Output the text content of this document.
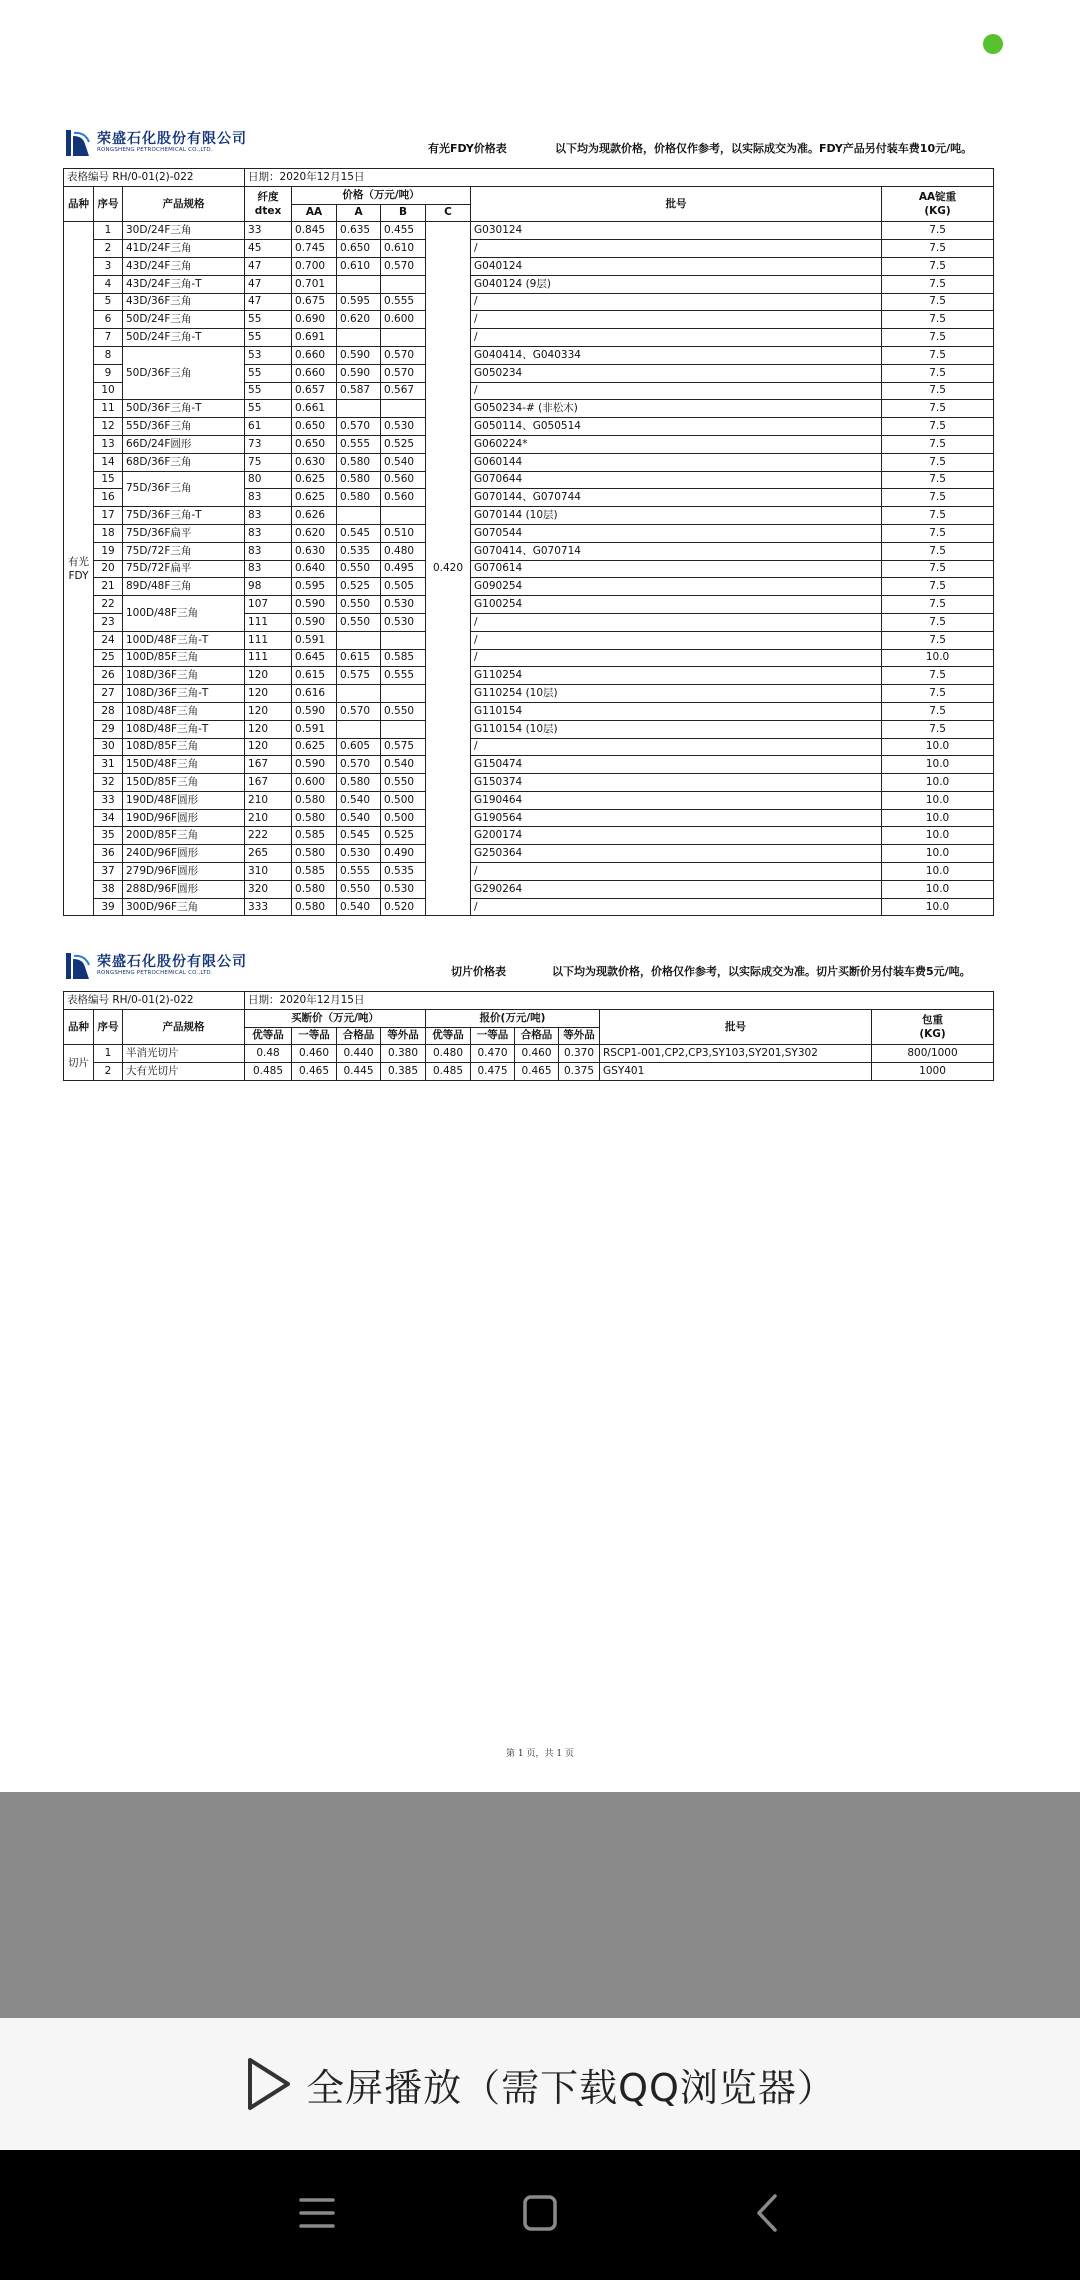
荣盛石化股份有限公司
RONGSHENG PETROCHEMICAL CO.,LTD.	有光FDY价格表	以下均为现款价格，价格仅作参考，以实际成交为准。FDY产品另付装车费10元/吨。
表格编号 RH/0-01(2)-022			日期：2020年12月15日						
品种	序号	产品规格	纤度
dtex	价格（万元/吨）				批号	AA锭重
(KG)
				AA	A	B	C		
有光
FDY	1	30D/24F三角	33	0.845	0.635	0.455	0.420	G030124	7.5
	2	41D/24F三角	45	0.745	0.650	0.610		/	7.5
	3	43D/24F三角	47	0.700	0.610	0.570		G040124	7.5
	4	43D/24F三角-T	47	0.701				G040124 (9层)	7.5
	5	43D/36F三角	47	0.675	0.595	0.555		/	7.5
	6	50D/24F三角	55	0.690	0.620	0.600		/	7.5
	7	50D/24F三角-T	55	0.691				/	7.5
	8	50D/36F三角	53	0.660	0.590	0.570		G040414、G040334	7.5
	9		55	0.660	0.590	0.570		G050234	7.5
	10		55	0.657	0.587	0.567		/	7.5
	11	50D/36F三角-T	55	0.661				G050234-# (非松木)	7.5
	12	55D/36F三角	61	0.650	0.570	0.530		G050114、G050514	7.5
	13	66D/24F圆形	73	0.650	0.555	0.525		G060224*	7.5
	14	68D/36F三角	75	0.630	0.580	0.540		G060144	7.5
	15	75D/36F三角	80	0.625	0.580	0.560		G070644	7.5
	16		83	0.625	0.580	0.560		G070144、G070744	7.5
	17	75D/36F三角-T	83	0.626				G070144 (10层)	7.5
	18	75D/36F扁平	83	0.620	0.545	0.510		G070544	7.5
	19	75D/72F三角	83	0.630	0.535	0.480		G070414、G070714	7.5
	20	75D/72F扁平	83	0.640	0.550	0.495		G070614	7.5
	21	89D/48F三角	98	0.595	0.525	0.505		G090254	7.5
	22	100D/48F三角	107	0.590	0.550	0.530		G100254	7.5
	23		111	0.590	0.550	0.530		/	7.5
	24	100D/48F三角-T	111	0.591				/	7.5
	25	100D/85F三角	111	0.645	0.615	0.585		/	10.0
	26	108D/36F三角	120	0.615	0.575	0.555		G110254	7.5
	27	108D/36F三角-T	120	0.616				G110254 (10层)	7.5
	28	108D/48F三角	120	0.590	0.570	0.550		G110154	7.5
	29	108D/48F三角-T	120	0.591				G110154 (10层)	7.5
	30	108D/85F三角	120	0.625	0.605	0.575		/	10.0
	31	150D/48F三角	167	0.590	0.570	0.540		G150474	10.0
	32	150D/85F三角	167	0.600	0.580	0.550		G150374	10.0
	33	190D/48F圆形	210	0.580	0.540	0.500		G190464	10.0
	34	190D/96F圆形	210	0.580	0.540	0.500		G190564	10.0
	35	200D/85F三角	222	0.585	0.545	0.525		G200174	10.0
	36	240D/96F圆形	265	0.580	0.530	0.490		G250364	10.0
	37	279D/96F圆形	310	0.585	0.555	0.535		/	10.0
	38	288D/96F圆形	320	0.580	0.550	0.530		G290264	10.0
	39	300D/96F三角	333	0.580	0.540	0.520		/	10.0
荣盛石化股份有限公司
RONGSHENG PETROCHEMICAL CO.,LTD.	切片价格表	以下均为现款价格，价格仅作参考，以实际成交为准。切片买断价另付装车费5元/吨。
表格编号 RH/0-01(2)-022			日期：2020年12月15日									
品种	序号	产品规格	买断价（万元/吨）				报价(万元/吨)				批号	包重
(KG)
			优等品	一等品	合格品	等外品	优等品	一等品	合格品	等外品		
切片	1	半消光切片	0.48	0.460	0.440	0.380	0.480	0.470	0.460	0.370	RSCP1-001,CP2,CP3,SY103,SY201,SY302	800/1000
	2	大有光切片	0.485	0.465	0.445	0.385	0.485	0.475	0.465	0.375	GSY401	1000
第 1 页，共 1 页
全屏播放（需下载QQ浏览器）
